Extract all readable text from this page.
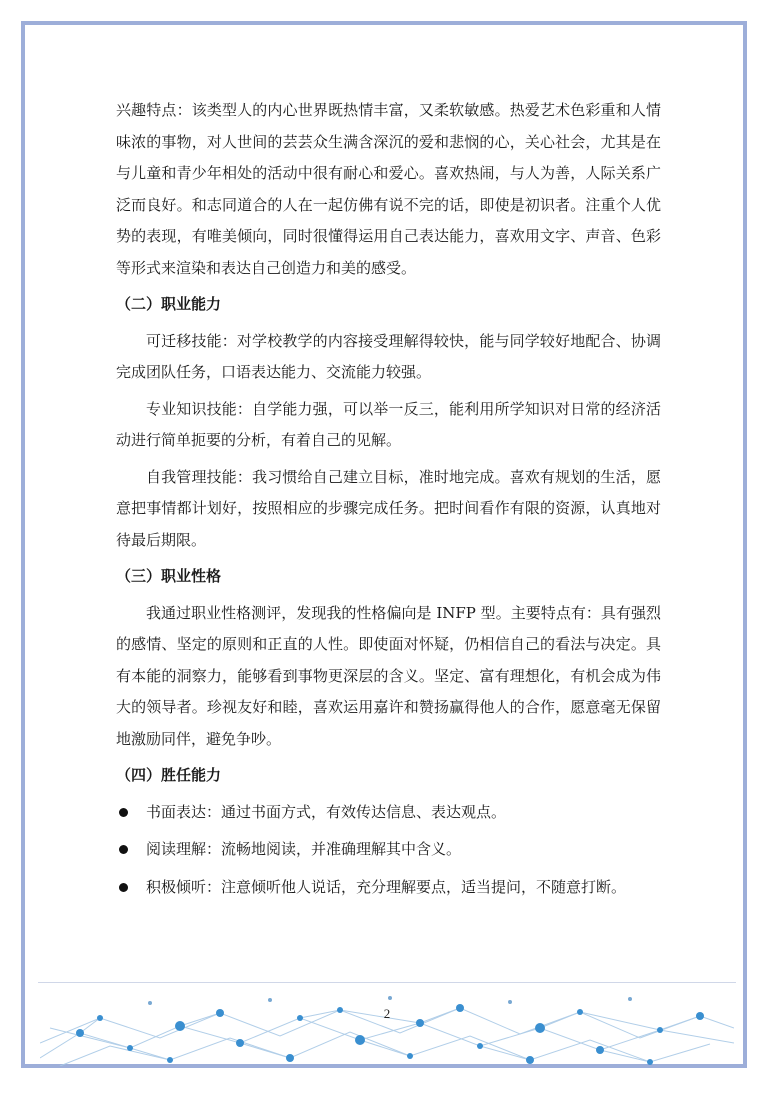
兴趣特点：该类型人的内心世界既热情丰富，又柔软敏感。热爱艺术色彩重和人情味浓的事物，对人世间的芸芸众生满含深沉的爱和悲悯的心，关心社会，尤其是在与儿童和青少年相处的活动中很有耐心和爱心。喜欢热闹，与人为善，人际关系广泛而良好。和志同道合的人在一起仿佛有说不完的话，即使是初识者。注重个人优势的表现，有唯美倾向，同时很懂得运用自己表达能力，喜欢用文字、声音、色彩等形式来渲染和表达自己创造力和美的感受。

（二）职业能力

可迁移技能：对学校教学的内容接受理解得较快，能与同学较好地配合、协调完成团队任务，口语表达能力、交流能力较强。

专业知识技能：自学能力强，可以举一反三，能利用所学知识对日常的经济活动进行简单扼要的分析，有着自己的见解。

自我管理技能：我习惯给自己建立目标，准时地完成。喜欢有规划的生活，愿意把事情都计划好，按照相应的步骤完成任务。把时间看作有限的资源，认真地对待最后期限。

（三）职业性格

我通过职业性格测评，发现我的性格偏向是 INFP 型。主要特点有：具有强烈的感情、坚定的原则和正直的人性。即使面对怀疑，仍相信自己的看法与决定。具有本能的洞察力，能够看到事物更深层的含义。坚定、富有理想化，有机会成为伟大的领导者。珍视友好和睦，喜欢运用嘉许和赞扬赢得他人的合作，愿意毫无保留地激励同伴，避免争吵。

（四）胜任能力

书面表达：通过书面方式，有效传达信息、表达观点。
阅读理解：流畅地阅读，并准确理解其中含义。
积极倾听：注意倾听他人说话，充分理解要点，适当提问，不随意打断。
2
